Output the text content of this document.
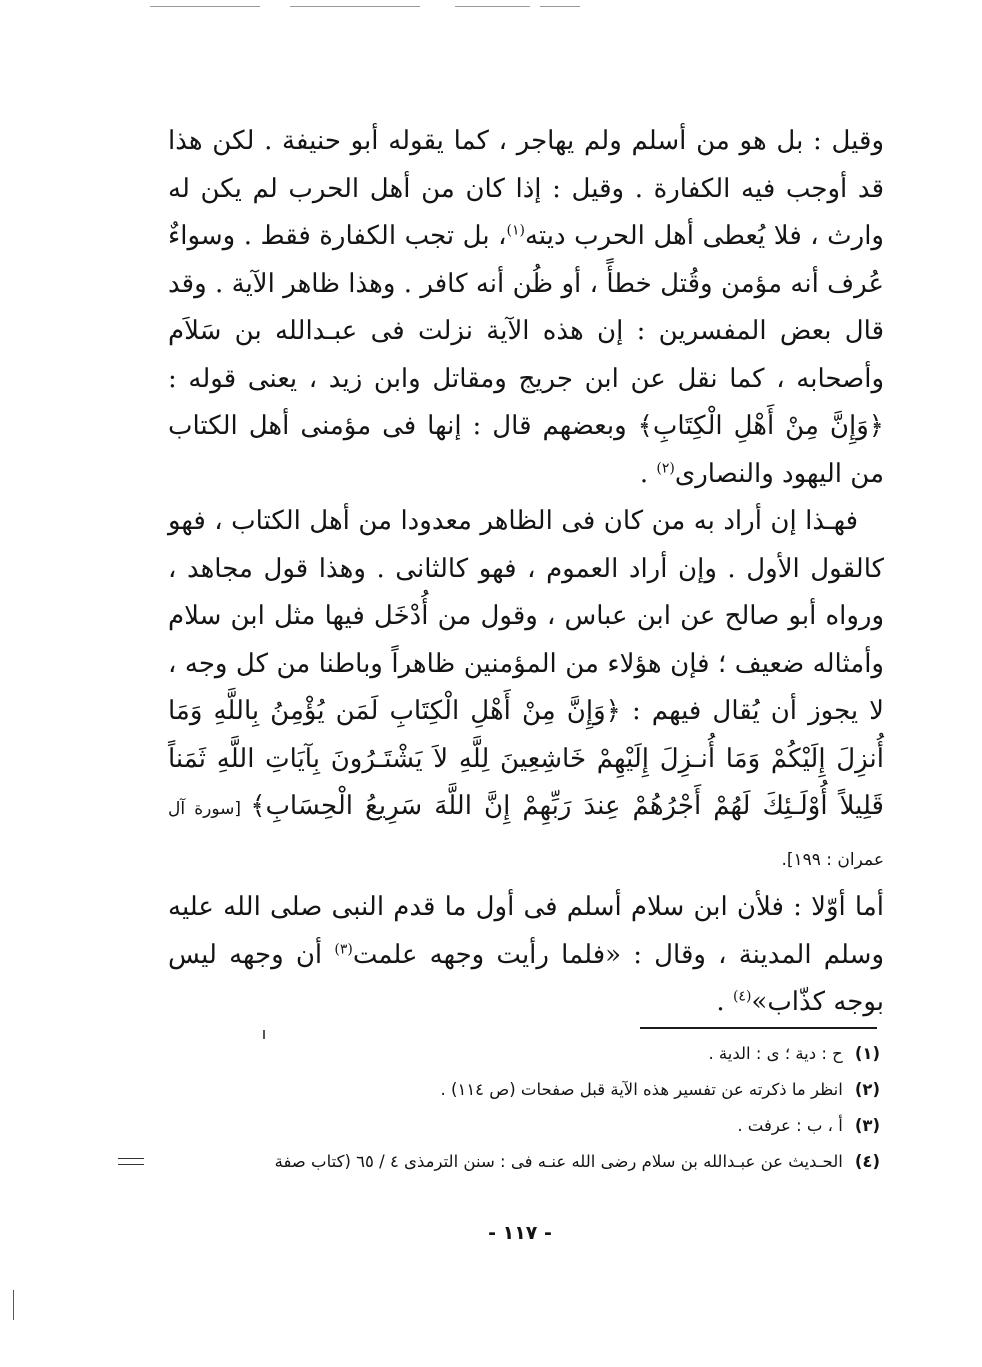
وقيل : بل هو من أسلم ولم يهاجر ، كما يقوله أبو حنيفة . لكن هذا قد أوجب فيه الكفارة . وقيل : إذا كان من أهل الحرب لم يكن له وارث ، فلا يُعطى أهل الحرب ديته$^{(١)}$، بل تجب الكفارة فقط . وسواءٌ عُرف أنه مؤمن وقُتل خطأً ، أو ظُن أنه كافر . وهذا ظاهر الآية . وقد قال بعض المفسرين : إن هذه الآية نزلت فى عبـدالله بن سَلاَم وأصحابه ، كما نقل عن ابن جريج ومقاتل وابن زيد ، يعنى قوله : ﴿وَإِنَّ مِنْ أَهْلِ الْكِتَابِ﴾ وبعضهم قال : إنها فى مؤمنى أهل الكتاب من اليهود والنصارى$^{(٢)}$ .

فهـذا إن أراد به من كان فى الظاهر معدودا من أهل الكتاب ، فهو كالقول الأول . وإن أراد العموم ، فهو كالثانى . وهذا قول مجاهد ، ورواه أبو صالح عن ابن عباس ، وقول من أُدْخَل فيها مثل ابن سلام وأمثاله ضعيف ؛ فإن هؤلاء من المؤمنين ظاهراً وباطنا من كل وجه ، لا يجوز أن يُقال فيهم : ﴿وَإِنَّ مِنْ أَهْلِ الْكِتَابِ لَمَن يُؤْمِنُ بِاللَّهِ وَمَا أُنزِلَ إِلَيْكُمْ وَمَا أُنـزِلَ إِلَيْهِمْ خَاشِعِينَ لِلَّهِ لاَ يَشْتَـرُونَ بِآيَاتِ اللَّهِ ثَمَناً قَلِيلاً أُوْلَـئِكَ لَهُمْ أَجْرُهُمْ عِندَ رَبِّهِمْ إِنَّ اللَّهَ سَرِيعُ الْحِسَابِ﴾ [سورة آل عمران : ١٩٩].

أما أوّلا : فلأن ابن سلام أسلم فى أول ما قدم النبى صلى الله عليه وسلم المدينة ، وقال : «فلما رأيت وجهه علمت$^{(٣)}$ أن وجهه ليس بوجه كذّاب»$^{(٤)}$ .

(١)ح : دية ؛ ى : الدية .
(٢)انظر ما ذكرته عن تفسير هذه الآية قبل صفحات (ص ١١٤) .
(٣)أ ، ب : عرفت .
(٤)الحـديث عن عبـدالله بن سلام رضى الله عنـه فى : سنن الترمذى ٤ / ٦٥ (كتاب صفة
- ١١٧ -
